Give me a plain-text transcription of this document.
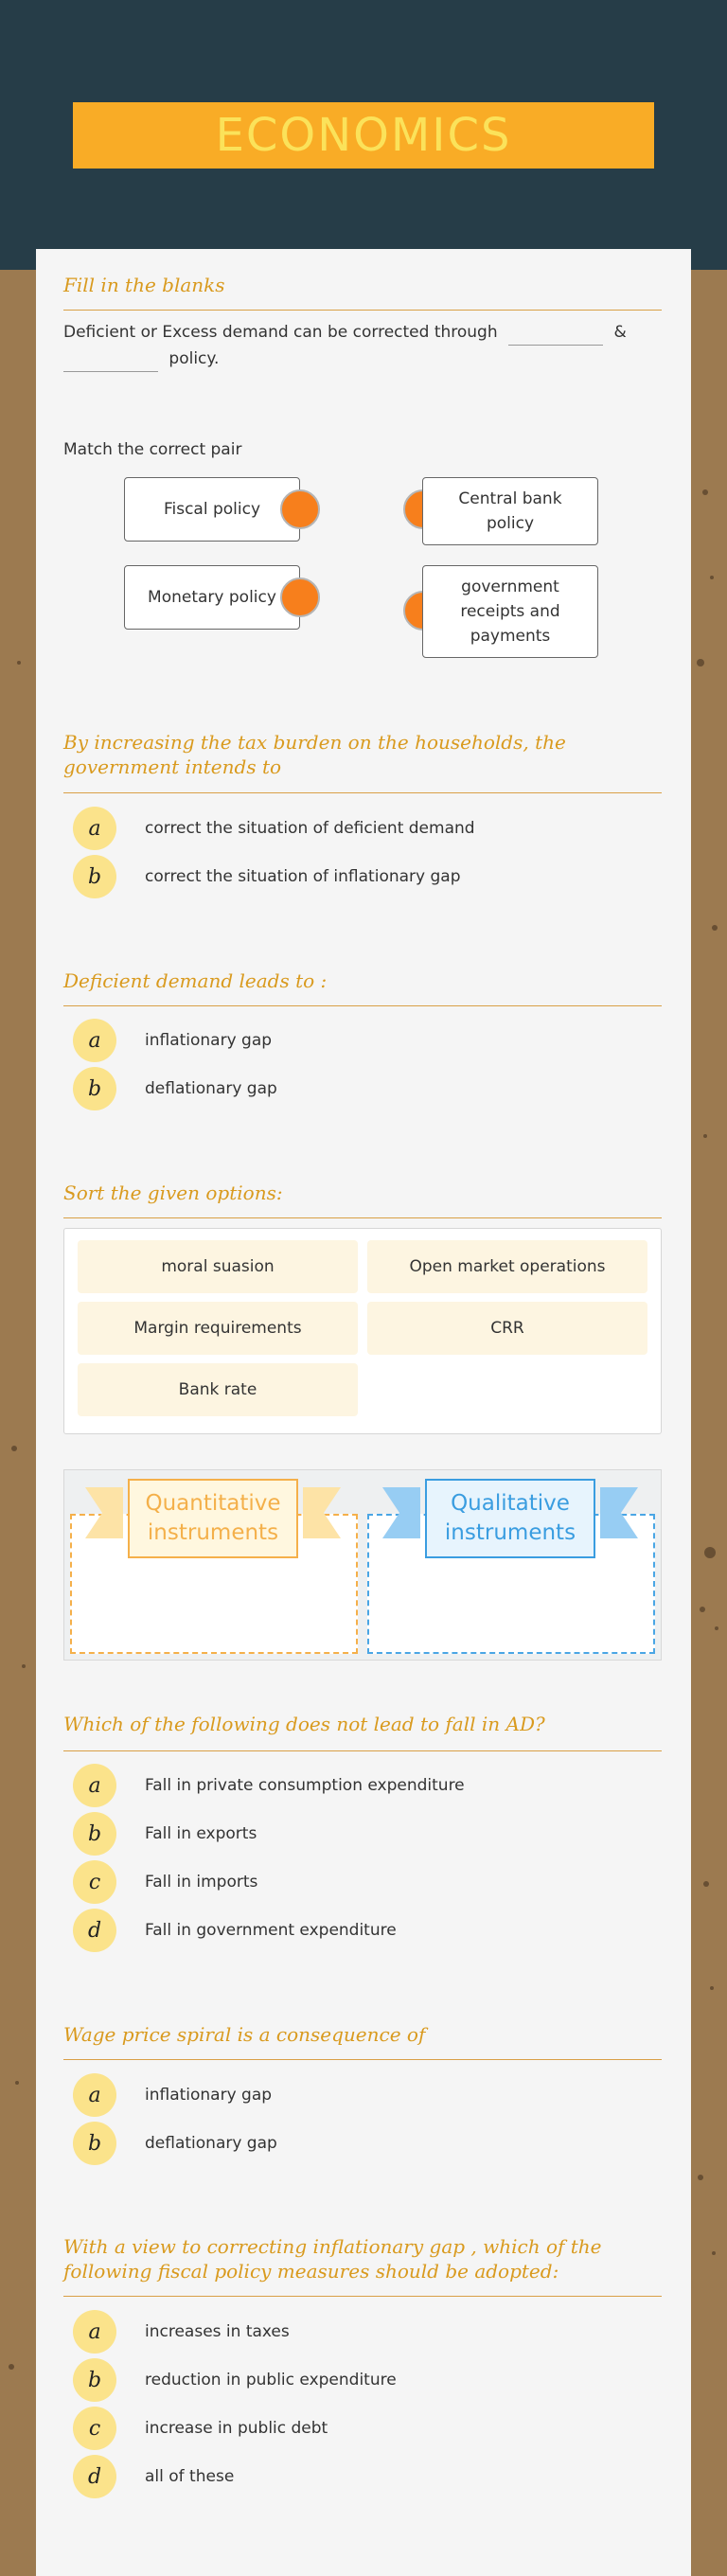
ECONOMICS
Fill in the blanks
Deficient or Excess demand can be corrected through	&
policy.
Match the correct pair
Fiscal policy
Monetary policy
Central bank policy
government receipts and payments
By increasing the tax burden on the households, the government intends to
a	correct the situation of deficient demand
b	correct the situation of inflationary gap
Deficient demand leads to :
a	inflationary gap
b	deflationary gap
Sort the given options:
moral suasion	Open market operations
Margin requirements	CRR
Bank rate
Quantitative instruments
Qualitative instruments
Which of the following does not lead to fall in AD?
a	Fall in private consumption expenditure
b	Fall in exports
c	Fall in imports
d	Fall in government expenditure
Wage price spiral is a consequence of
a	inflationary gap
b	deflationary gap
With a view to correcting inflationary gap , which of the following fiscal policy measures should be adopted:
a	increases in taxes
b	reduction in public expenditure
c	increase in public debt
d	all of these
